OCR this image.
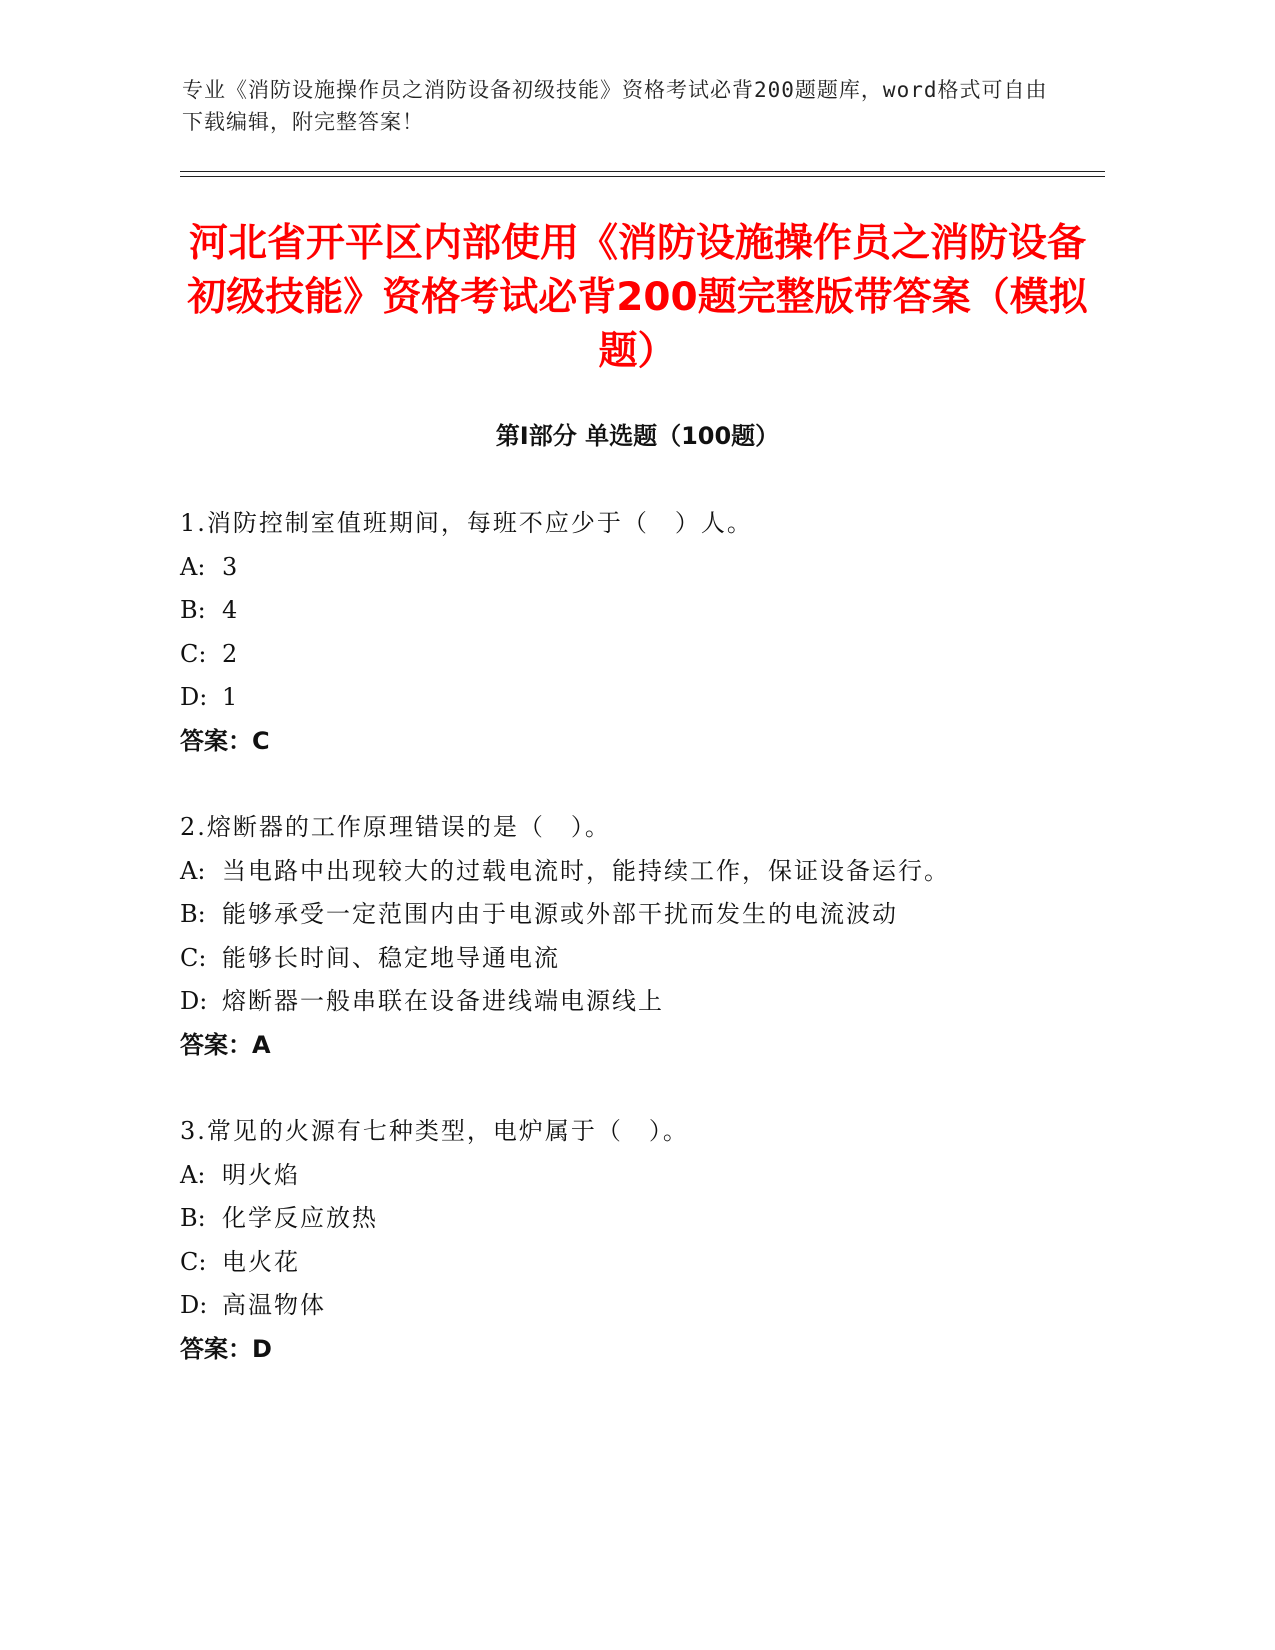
专业《消防设施操作员之消防设备初级技能》资格考试必背200题题库，word格式可自由下载编辑，附完整答案！
河北省开平区内部使用《消防设施操作员之消防设备初级技能》资格考试必背200题完整版带答案（模拟题）
第Ⅰ部分 单选题（100题）
1.消防控制室值班期间，每班不应少于（　）人。
A: 3
B: 4
C: 2
D: 1
答案：C
2.熔断器的工作原理错误的是（　）。
A: 当电路中出现较大的过载电流时，能持续工作，保证设备运行。
B: 能够承受一定范围内由于电源或外部干扰而发生的电流波动
C: 能够长时间、稳定地导通电流
D: 熔断器一般串联在设备进线端电源线上
答案：A
3.常见的火源有七种类型，电炉属于（　）。
A: 明火焰
B: 化学反应放热
C: 电火花
D: 高温物体
答案：D
